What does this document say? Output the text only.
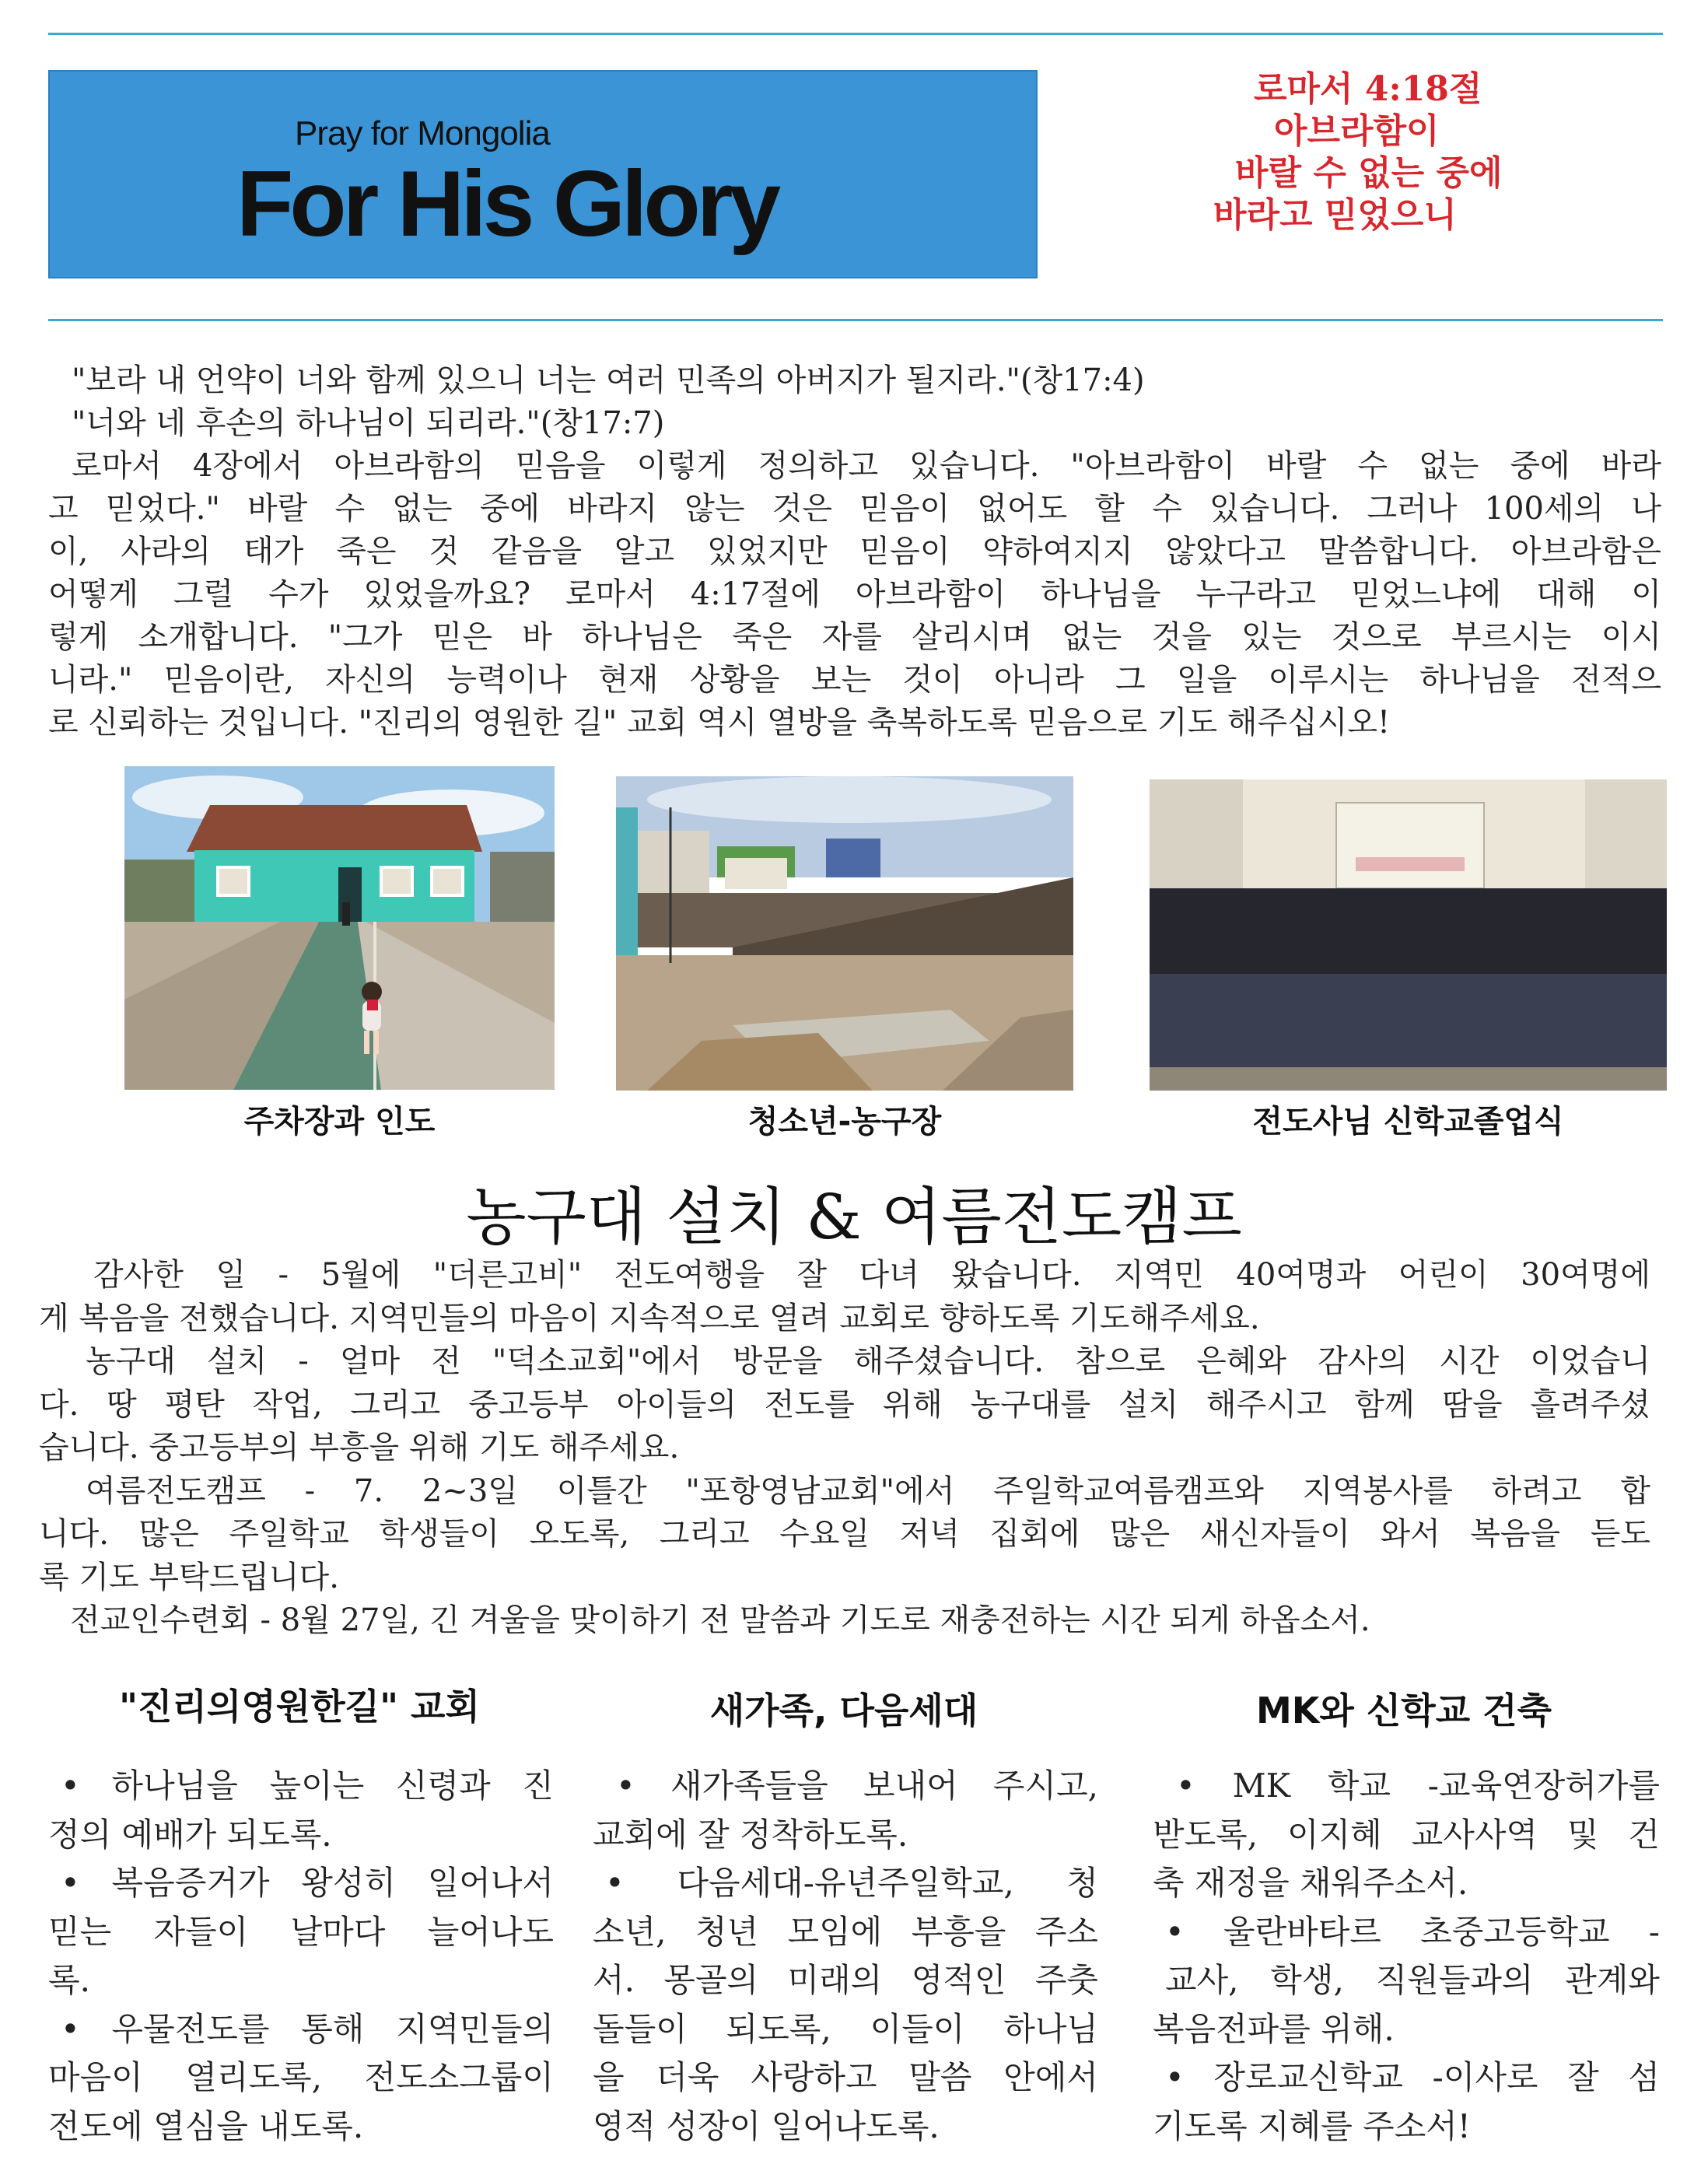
Pray for Mongolia
For His Glory
로마서 4:18절
아브라함이
바랄 수 없는 중에
바라고 믿었으니
"보라 내 언약이 너와 함께 있으니 너는 여러 민족의 아버지가 될지라."(창17:4)
"너와 네 후손의 하나님이 되리라."(창17:7)
로마서 4장에서 아브라함의 믿음을 이렇게 정의하고 있습니다. "아브라함이 바랄 수 없는 중에 바라
고 믿었다." 바랄 수 없는 중에 바라지 않는 것은 믿음이 없어도 할 수 있습니다. 그러나 100세의 나
이, 사라의 태가 죽은 것 같음을 알고 있었지만 믿음이 약하여지지 않았다고 말씀합니다. 아브라함은
어떻게 그럴 수가 있었을까요? 로마서 4:17절에 아브라함이 하나님을 누구라고 믿었느냐에 대해 이
렇게 소개합니다. "그가 믿은 바 하나님은 죽은 자를 살리시며 없는 것을 있는 것으로 부르시는 이시
니라." 믿음이란, 자신의 능력이나 현재 상황을 보는 것이 아니라 그 일을 이루시는 하나님을 전적으
로 신뢰하는 것입니다. "진리의 영원한 길" 교회 역시 열방을 축복하도록 믿음으로 기도 해주십시오!
주차장과 인도	청소년-농구장	전도사님 신학교졸업식
농구대 설치 & 여름전도캠프
감사한 일 - 5월에 "더른고비" 전도여행을 잘 다녀 왔습니다. 지역민 40여명과 어린이 30여명에
게 복음을 전했습니다. 지역민들의 마음이 지속적으로 열려 교회로 향하도록 기도해주세요.
농구대 설치 - 얼마 전 "덕소교회"에서 방문을 해주셨습니다. 참으로 은혜와 감사의 시간 이었습니
다. 땅 평탄 작업, 그리고 중고등부 아이들의 전도를 위해 농구대를 설치 해주시고 함께 땀을 흘려주셨
습니다. 중고등부의 부흥을 위해 기도 해주세요.
여름전도캠프 - 7. 2~3일 이틀간 "포항영남교회"에서 주일학교여름캠프와 지역봉사를 하려고 합
니다. 많은 주일학교 학생들이 오도록, 그리고 수요일 저녁 집회에 많은 새신자들이 와서 복음을 듣도
록 기도 부탁드립니다.
전교인수련회 - 8월 27일, 긴 겨울을 맞이하기 전 말씀과 기도로 재충전하는 시간 되게 하옵소서.
"진리의영원한길" 교회	새가족, 다음세대	MK와 신학교 건축
• 하나님을 높이는 신령과 진
정의 예배가 되도록.
• 복음증거가 왕성히 일어나서
믿는 자들이 날마다 늘어나도
록.
• 우물전도를 통해 지역민들의
마음이 열리도록, 전도소그룹이
전도에 열심을 내도록.
• 새가족들을 보내어 주시고,
교회에 잘 정착하도록.
• 다음세대-유년주일학교, 청
소년, 청년 모임에 부흥을 주소
서. 몽골의 미래의 영적인 주춧
돌들이 되도록, 이들이 하나님
을 더욱 사랑하고 말씀 안에서
영적 성장이 일어나도록.
• MK 학교 -교육연장허가를
받도록, 이지혜 교사사역 및 건
축 재정을 채워주소서.
• 울란바타르 초중고등학교 -
교사, 학생, 직원들과의 관계와
복음전파를 위해.
• 장로교신학교 -이사로 잘 섬
기도록 지혜를 주소서!
